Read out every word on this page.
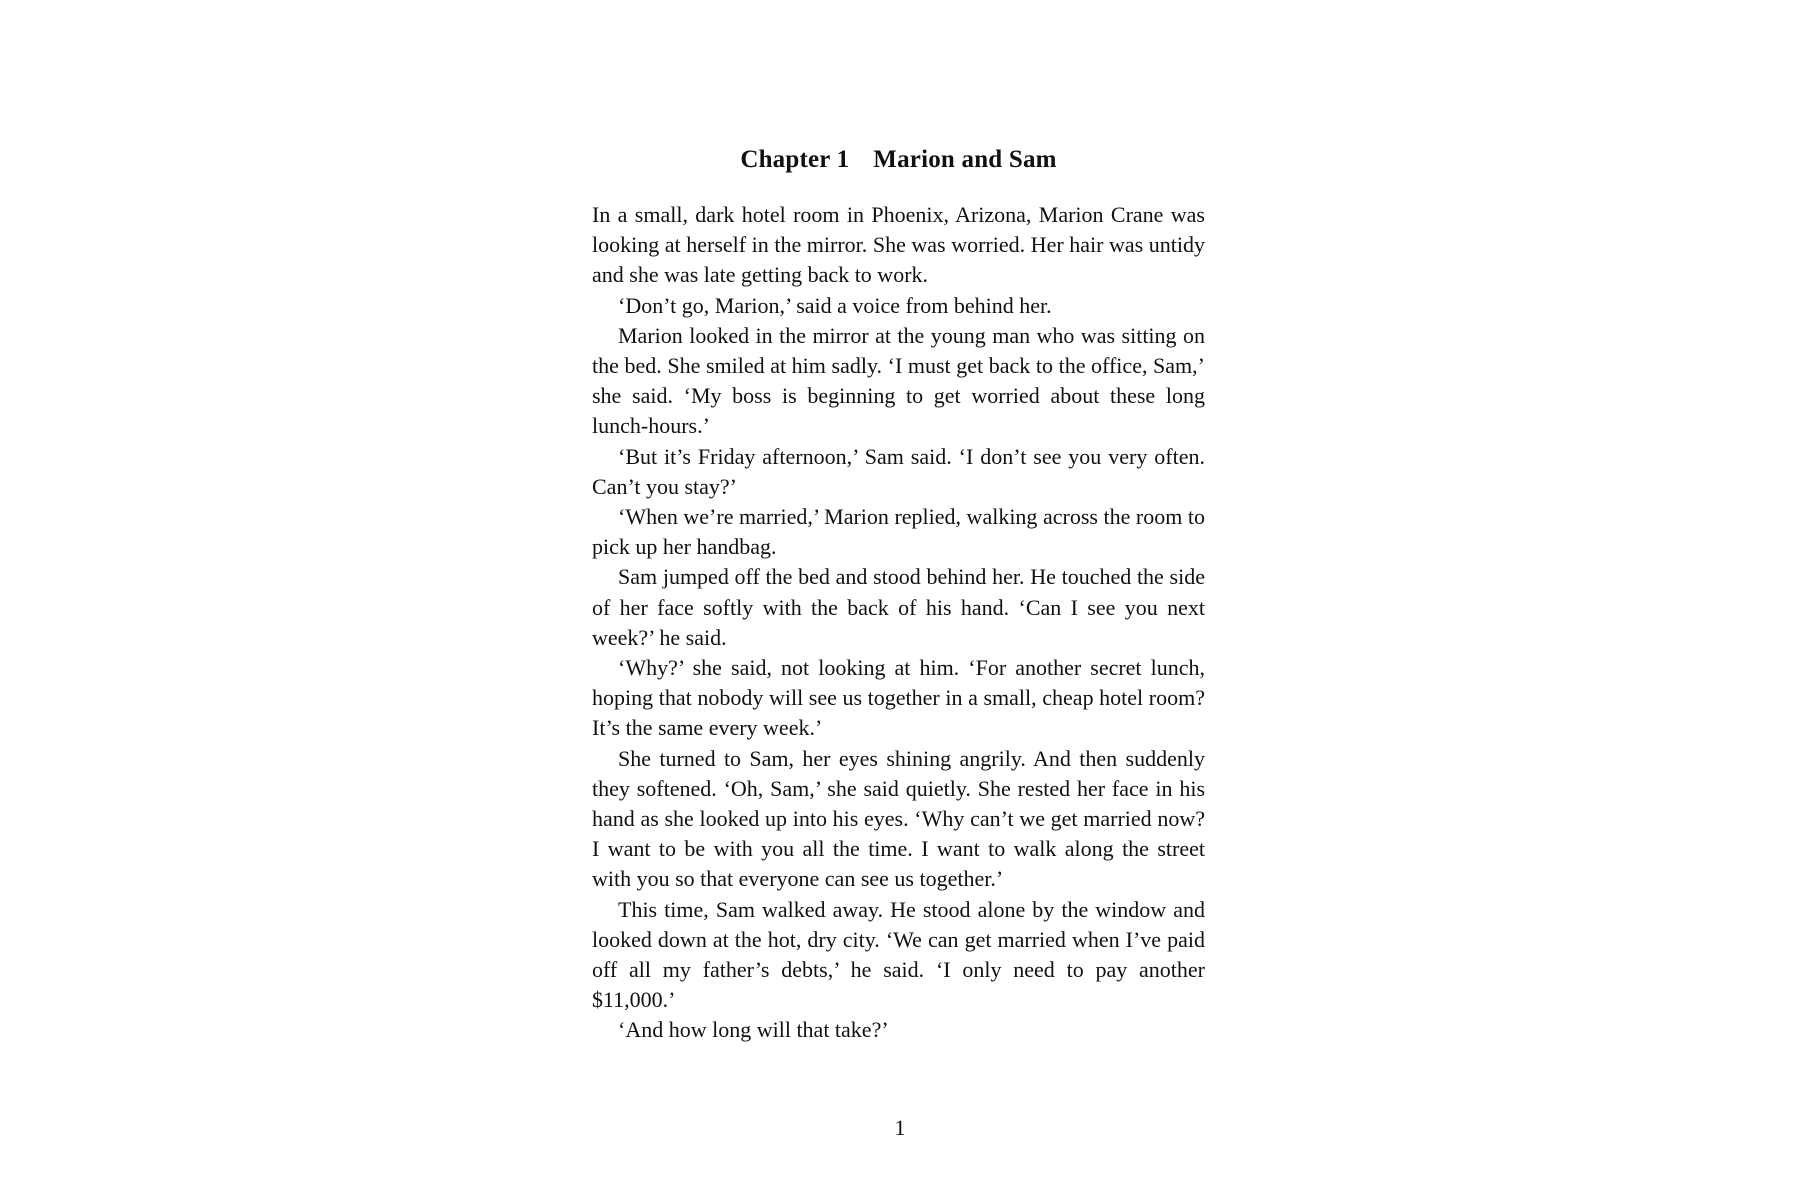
Chapter 1 Marion and Sam

In a small, dark hotel room in Phoenix, Arizona, Marion Crane was looking at herself in the mirror. She was worried. Her hair was untidy and she was late getting back to work.

‘Don’t go, Marion,’ said a voice from behind her.

Marion looked in the mirror at the young man who was sitting on the bed. She smiled at him sadly. ‘I must get back to the office, Sam,’ she said. ‘My boss is beginning to get worried about these long lunch-hours.’

‘But it’s Friday afternoon,’ Sam said. ‘I don’t see you very often. Can’t you stay?’

‘When we’re married,’ Marion replied, walking across the room to pick up her handbag.

Sam jumped off the bed and stood behind her. He touched the side of her face softly with the back of his hand. ‘Can I see you next week?’ he said.

‘Why?’ she said, not looking at him. ‘For another secret lunch, hoping that nobody will see us together in a small, cheap hotel room? It’s the same every week.’

She turned to Sam, her eyes shining angrily. And then suddenly they softened. ‘Oh, Sam,’ she said quietly. She rested her face in his hand as she looked up into his eyes. ‘Why can’t we get married now? I want to be with you all the time. I want to walk along the street with you so that everyone can see us together.’

This time, Sam walked away. He stood alone by the window and looked down at the hot, dry city. ‘We can get married when I’ve paid off all my father’s debts,’ he said. ‘I only need to pay another $11,000.’

‘And how long will that take?’

1
